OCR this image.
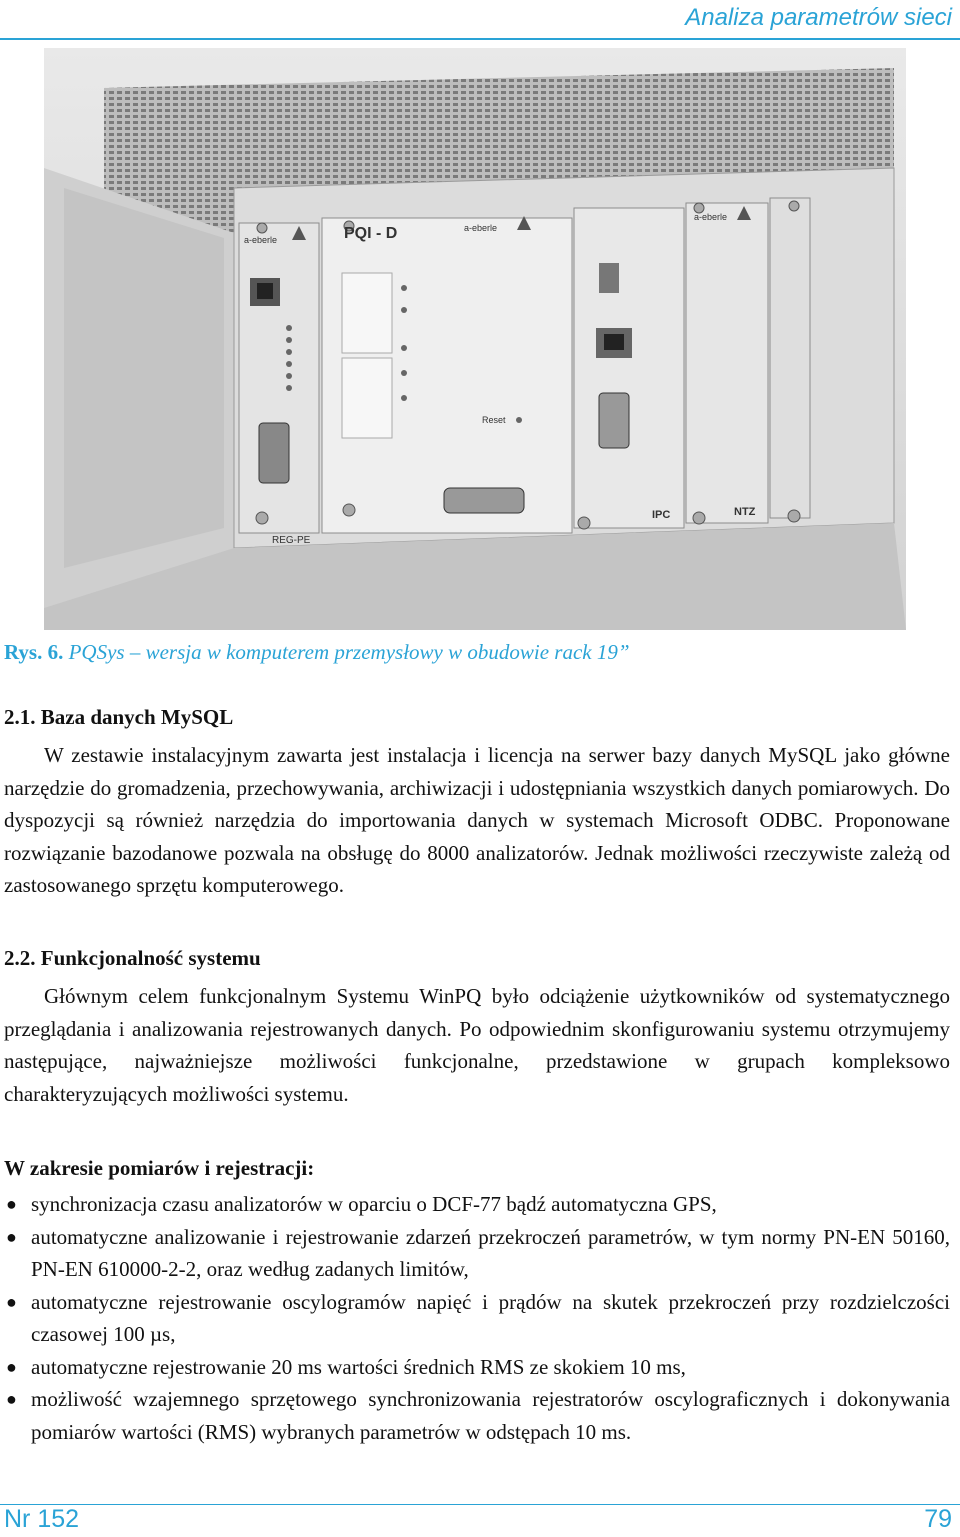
Analiza parametrów sieci
a-eberle
a-eberle
a-eberle
PQI - D
REG-PE
IPC	NTZ
Reset
Rys. 6. PQSys – wersja w komputerem przemysłowy w obudowie rack 19”
2.1. Baza danych MySQL
W zestawie instalacyjnym zawarta jest instalacja i licencja na serwer bazy danych MySQL jako główne narzędzie do gromadzenia, przechowywania, archiwizacji i udostępniania wszystkich danych pomiarowych. Do dyspozycji są również narzędzia do importowania danych w systemach Microsoft ODBC. Proponowane rozwiązanie bazodanowe pozwala na obsługę do 8000 analizatorów. Jednak możliwości rzeczywiste zależą od zastosowanego sprzętu komputerowego.
2.2. Funkcjonalność systemu
Głównym celem funkcjonalnym Systemu WinPQ było odciążenie użytkowników od systematycznego przeglądania i analizowania rejestrowanych danych. Po odpowiednim skonfigurowaniu systemu otrzymujemy następujące, najważniejsze możliwości funkcjonalne, przedstawione w grupach kompleksowo charakteryzujących możliwości systemu.
W zakresie pomiarów i rejestracji:
● synchronizacja czasu analizatorów w oparciu o DCF-77 bądź automatyczna GPS,
● automatyczne analizowanie i rejestrowanie zdarzeń przekroczeń parametrów, w tym normy PN-EN 50160, PN-EN 610000-2-2, oraz według zadanych limitów,
● automatyczne rejestrowanie oscylogramów napięć i prądów na skutek przekroczeń przy rozdzielczości czasowej 100 µs,
● automatyczne rejestrowanie 20 ms wartości średnich RMS ze skokiem 10 ms,
● możliwość wzajemnego sprzętowego synchronizowania rejestratorów oscylograficznych i dokonywania pomiarów wartości (RMS) wybranych parametrów w odstępach 10 ms.
Nr 152	79
